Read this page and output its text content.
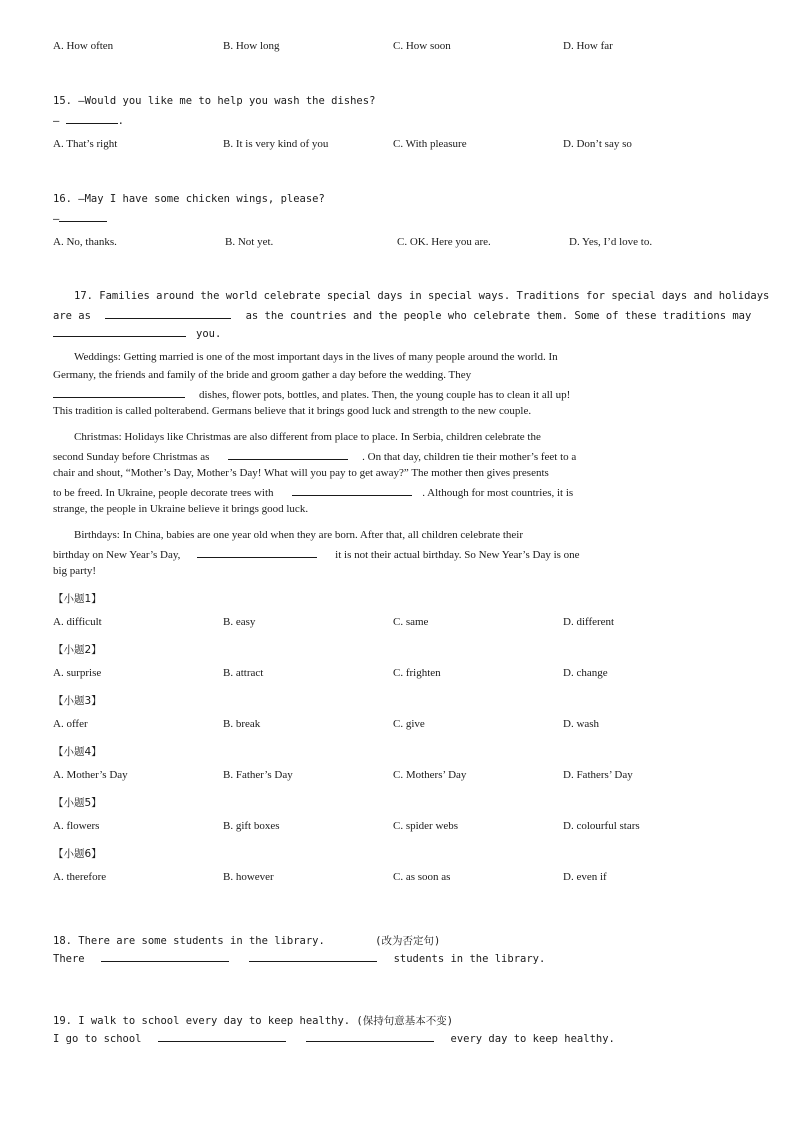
A. How often	B. How long	C. How soon	D. How far
15. —Would you like me to help you wash the dishes?
—	.
A. That’s right	B. It is very kind of you	C. With pleasure	D. Don’t say so
16. —May I have some chicken wings, please?
—
A. No, thanks.	B. Not yet.	C. OK. Here you are.	D. Yes, I’d love to.
17. Families around the world celebrate special days in special ways. Traditions for special days and holidays
are as	as the countries and the people who celebrate them. Some of these traditions may
you.
Weddings: Getting married is one of the most important days in the lives of many people around the world. In
Germany, the friends and family of the bride and groom gather a day before the wedding. They
dishes, flower pots, bottles, and plates. Then, the young couple has to clean it all up!
This tradition is called polterabend. Germans believe that it brings good luck and strength to the new couple.
Christmas: Holidays like Christmas are also different from place to place. In Serbia, children celebrate the
second Sunday before Christmas as	. On that day, children tie their mother’s feet to a
chair and shout, “Mother’s Day, Mother’s Day! What will you pay to get away?” The mother then gives presents
to be freed. In Ukraine, people decorate trees with	. Although for most countries, it is
strange, the people in Ukraine believe it brings good luck.
Birthdays: In China, babies are one year old when they are born. After that, all children celebrate their
birthday on New Year’s Day,	it is not their actual birthday. So New Year’s Day is one
big party!
【小题1】
A. difficult	B. easy	C. same	D. different
【小题2】
A. surprise	B. attract	C. frighten	D. change
【小题3】
A. offer	B. break	C. give	D. wash
【小题4】
A. Mother’s Day	B. Father’s Day	C. Mothers’ Day	D. Fathers’ Day
【小题5】
A. flowers	B. gift boxes	C. spider webs	D. colourful stars
【小题6】
A. therefore	B. however	C. as soon as	D. even if
18. There are some students in the library.	(改为否定句)
There	students in the library.
19. I walk to school every day to keep healthy. (保持句意基本不变)
I go to school	every day to keep healthy.
